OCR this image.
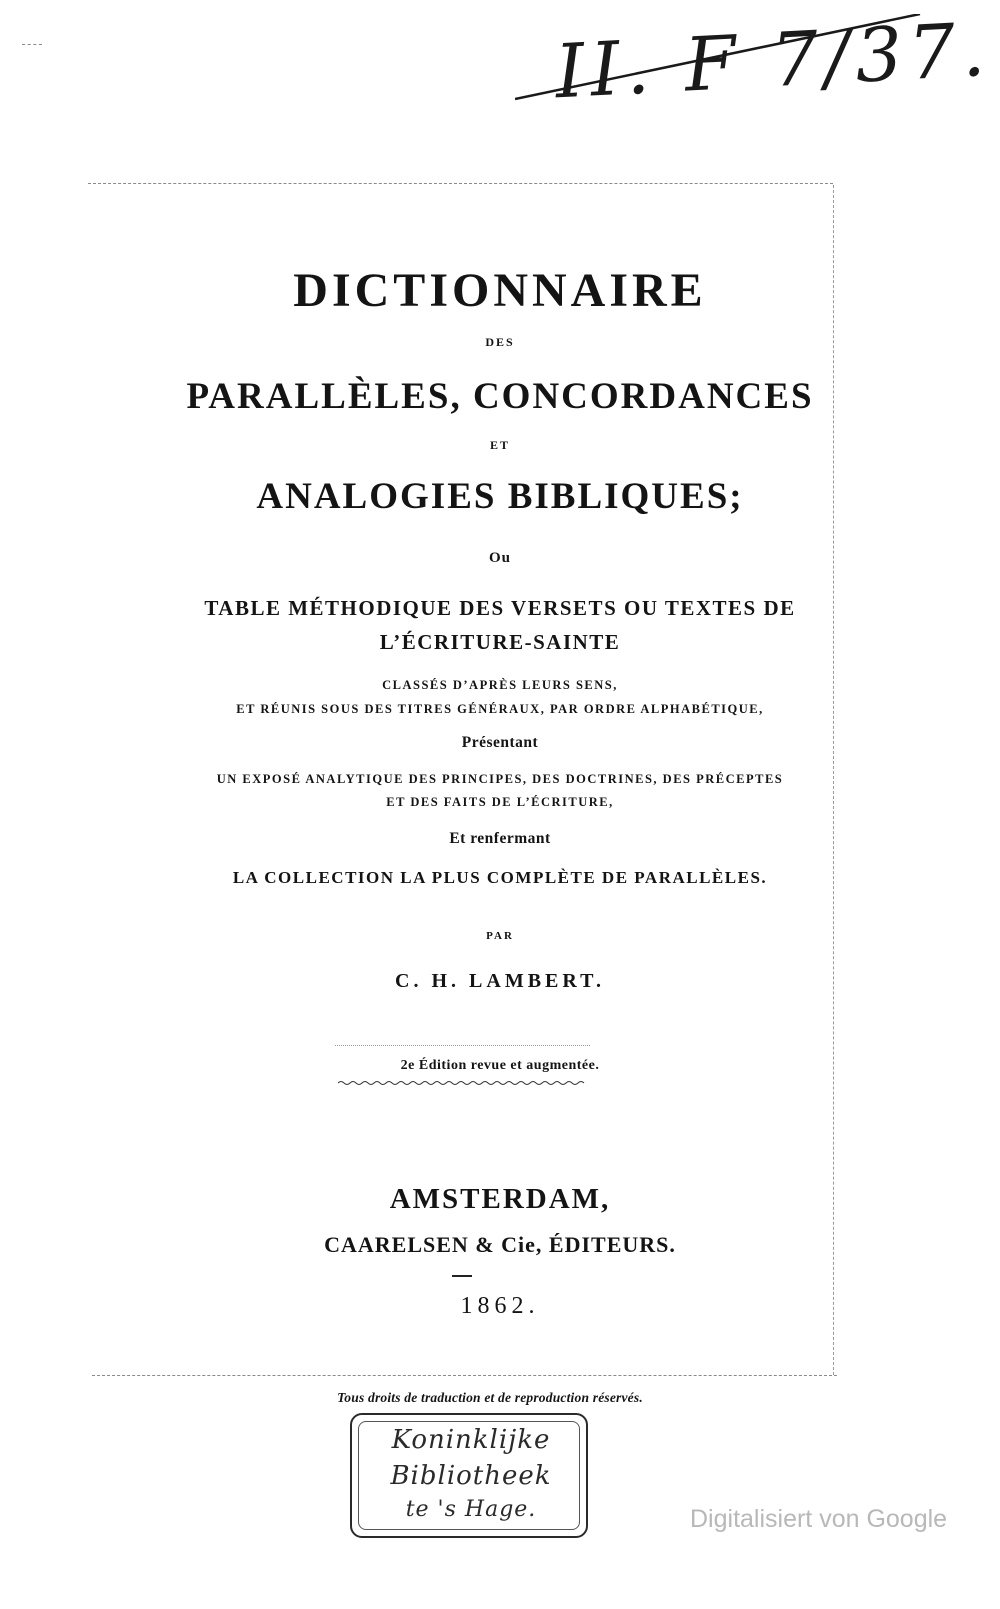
II. F 7/37.
DICTIONNAIRE
DES
PARALLÈLES, CONCORDANCES
ET
ANALOGIES BIBLIQUES;
Ou
TABLE MÉTHODIQUE DES VERSETS OU TEXTES DE
L’ÉCRITURE-SAINTE
CLASSÉS D’APRÈS LEURS SENS,
ET RÉUNIS SOUS DES TITRES GÉNÉRAUX, PAR ORDRE ALPHABÉTIQUE,
Présentant
UN EXPOSÉ ANALYTIQUE DES PRINCIPES, DES DOCTRINES, DES PRÉCEPTES
ET DES FAITS DE L’ÉCRITURE,
Et renfermant
LA COLLECTION LA PLUS COMPLÈTE DE PARALLÈLES.
PAR
C. H. LAMBERT.
2e Édition revue et augmentée.
AMSTERDAM,
CAARELSEN & Cie, ÉDITEURS.
1862.
Tous droits de traduction et de reproduction réservés.
Koninklijke
Bibliotheek
te 's Hage.	Digitalisiert von Google
